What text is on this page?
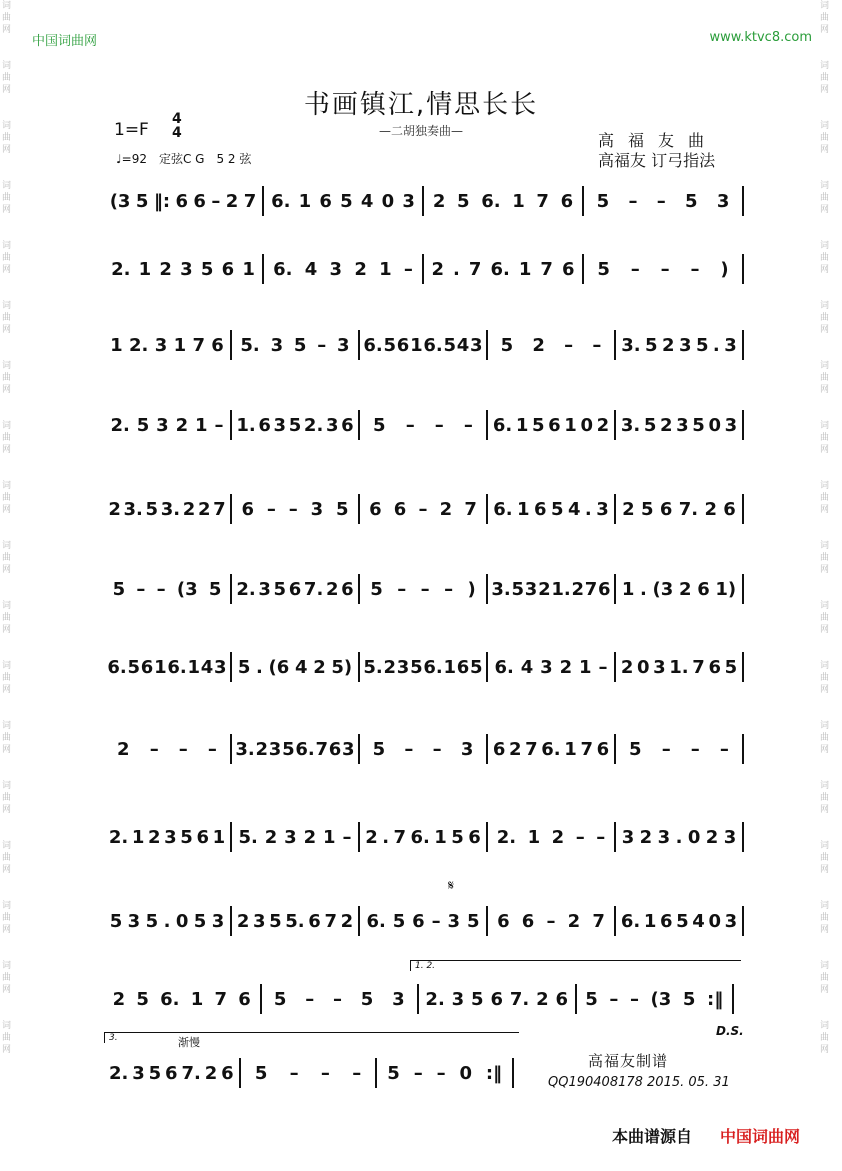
中国词曲网	www.ktvc8.com
词
曲
网
词
曲
网
词
曲
网
词
曲
网
词
曲
网
词
曲
网
词
曲
网
词
曲
网
词
曲
网
词
曲
网
词
曲
网
词
曲
网
词
曲
网
词
曲
网
词
曲
网
词
曲
网
词
曲
网
词
曲
网
词
曲
网
词
曲
网
词
曲
网
词
曲
网
词
曲
网
词
曲
网
词
曲
网
词
曲
网
词
曲
网
词
曲
网
词
曲
网
词
曲
网
词
曲
网
词
曲
网
词
曲
网
词
曲
网
词
曲
网
词
曲
网
书画镇江,情思长长
—二胡独奏曲—
1=F
4
4
♩=92　定弦C G　5 2 弦
高福友曲
高福友 订弓指法
(3 5 ‖: 6 6 – 2 7 6. 1 6 5 4 0 3 2 5 6. 1 7 6 5 – – 5 3
2. 1 2 3 5 6 1 6. 4 3 2 1 – 2 . 7 6. 1 7 6 5 – – – )
1 2. 3 1 7 6 5. 3 5 – 3 6. 5 6 1 6. 5 4 3 5 2 – – 3. 5 2 3 5 . 3
2. 5 3 2 1 – 1. 6 3 5 2. 3 6 5 – – – 6. 1 5 6 1 0 2 3. 5 2 3 5 0 3
2 3. 5 3. 2 2 7 6 – – 3 5 6 6 – 2 7 6. 1 6 5 4 . 3 2 5 6 7. 2 6
5 – – (3 5 2. 3 5 6 7. 2 6 5 – – – ) 3. 5 3 2 1. 2 7 6 1 . (3 2 6 1)
6. 5 6 1 6. 1 4 3 5 . (6 4 2 5) 5. 2 3 5 6. 1 6 5 6. 4 3 2 1 – 2 0 3 1. 7 6 5
2 – – – 3. 2 3 5 6. 7 6 3 5 – – 3 6 2 7 6. 1 7 6 5 – – –
2. 1 2 3 5 6 1 5. 2 3 2 1 – 2 . 7 6. 1 5 6 2. 1 2 – – 3 2 3 . 0 2 3
5 3 5 . 0 5 3 2 3 5 5. 6 7 2 6. 5 6 – 3 5 6 6 – 2 7 6. 1 6 5 4 0 3
2 5 6. 1 7 6 5 – – 5 3 2. 3 5 6 7. 2 6 5 – – (3 5 :‖
2. 3 5 6 7. 2 6 5 – – – 5 – – 0 :‖
1. 2.
3.	渐慢
𝄋
D.S.
高福友制谱
QQ190408178 2015. 05. 31
本曲谱源自 中国词曲网
